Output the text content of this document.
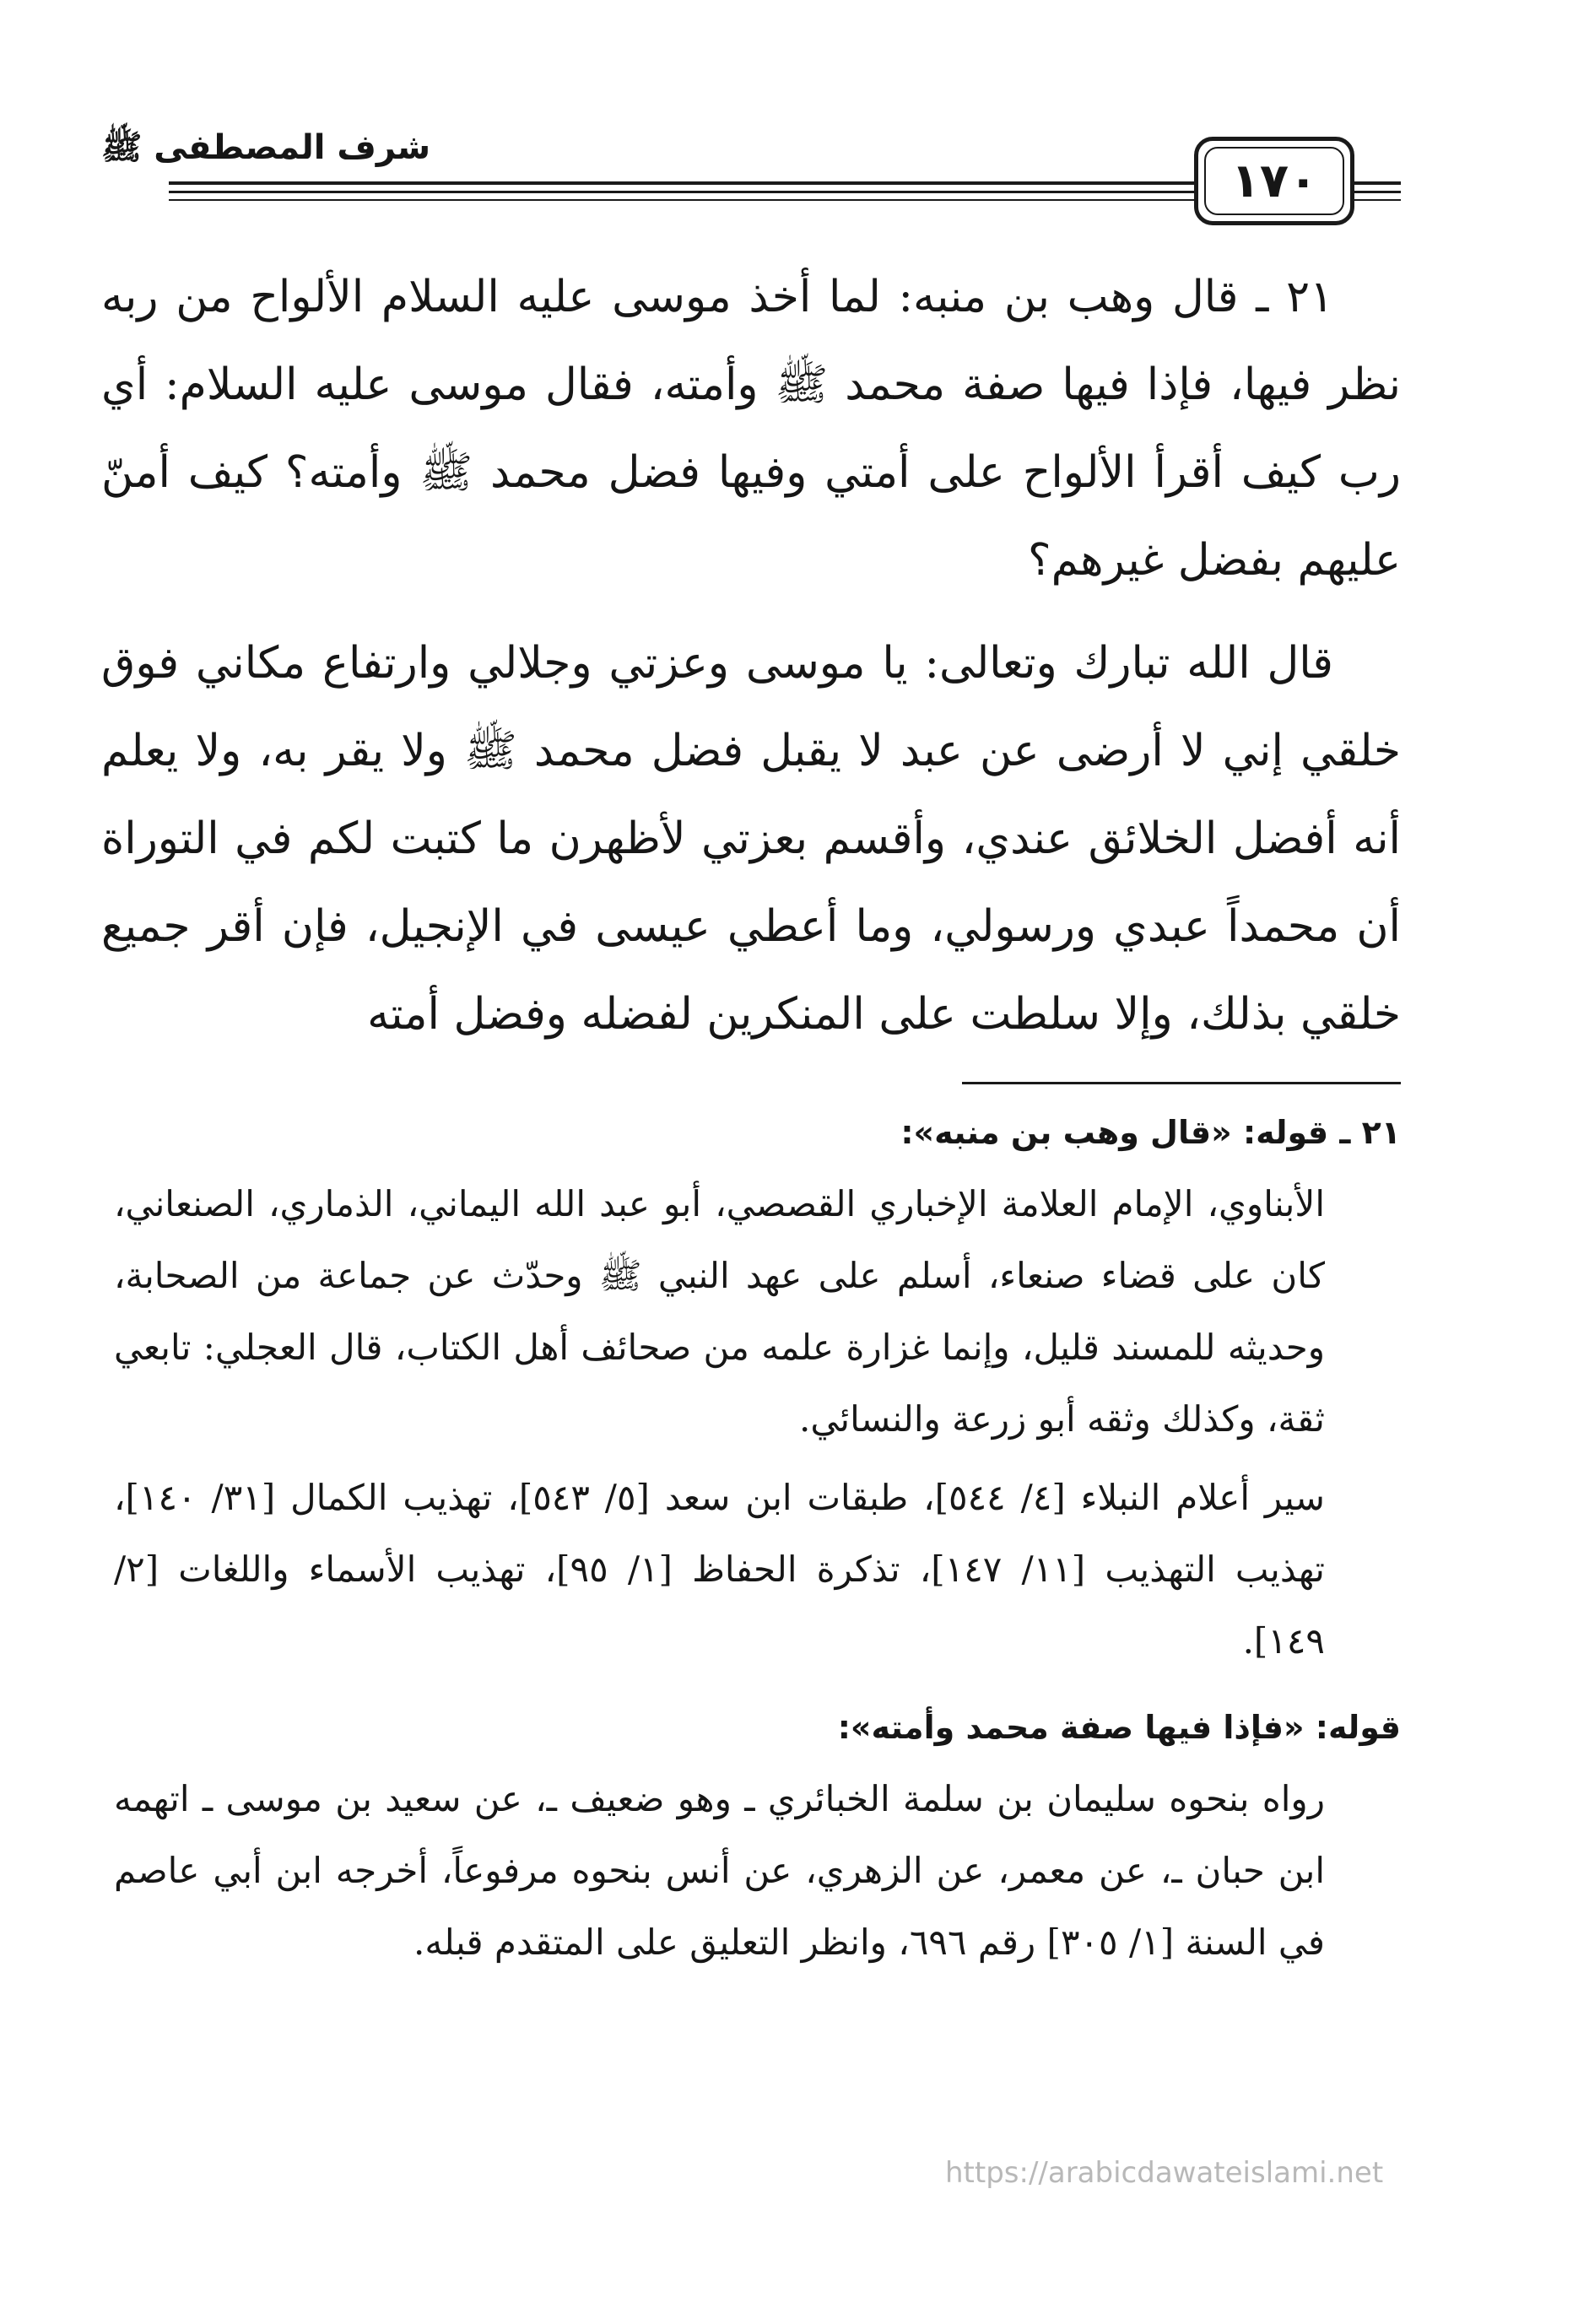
١٧٠
شرف المصطفى ﷺ

٢١ ـ قال وهب بن منبه: لما أخذ موسى عليه السلام الألواح من ربه نظر فيها، فإذا فيها صفة محمد ﷺ وأمته، فقال موسى عليه السلام: أي رب كيف أقرأ الألواح على أمتي وفيها فضل محمد ﷺ وأمته؟ كيف أمنّ عليهم بفضل غيرهم؟

قال الله تبارك وتعالى: يا موسى وعزتي وجلالي وارتفاع مكاني فوق خلقي إني لا أرضى عن عبد لا يقبل فضل محمد ﷺ ولا يقر به، ولا يعلم أنه أفضل الخلائق عندي، وأقسم بعزتي لأظهرن ما كتبت لكم في التوراة أن محمداً عبدي ورسولي، وما أعطي عيسى في الإنجيل، فإن أقر جميع خلقي بذلك، وإلا سلطت على المنكرين لفضله وفضل أمته

٢١ ـ قوله: «قال وهب بن منبه»:

الأبناوي، الإمام العلامة الإخباري القصصي، أبو عبد الله اليماني، الذماري، الصنعاني، كان على قضاء صنعاء، أسلم على عهد النبي ﷺ وحدّث عن جماعة من الصحابة، وحديثه للمسند قليل، وإنما غزارة علمه من صحائف أهل الكتاب، قال العجلي: تابعي ثقة، وكذلك وثقه أبو زرعة والنسائي.

سير أعلام النبلاء [٤/ ٥٤٤]، طبقات ابن سعد [٥/ ٥٤٣]، تهذيب الكمال [٣١/ ١٤٠]، تهذيب التهذيب [١١/ ١٤٧]، تذكرة الحفاظ [١/ ٩٥]، تهذيب الأسماء واللغات [٢/ ١٤٩].

قوله: «فإذا فيها صفة محمد وأمته»:

رواه بنحوه سليمان بن سلمة الخبائري ـ وهو ضعيف ـ، عن سعيد بن موسى ـ اتهمه ابن حبان ـ، عن معمر، عن الزهري، عن أنس بنحوه مرفوعاً، أخرجه ابن أبي عاصم في السنة [١/ ٣٠٥] رقم ٦٩٦، وانظر التعليق على المتقدم قبله.

https://arabicdawateislami.net
